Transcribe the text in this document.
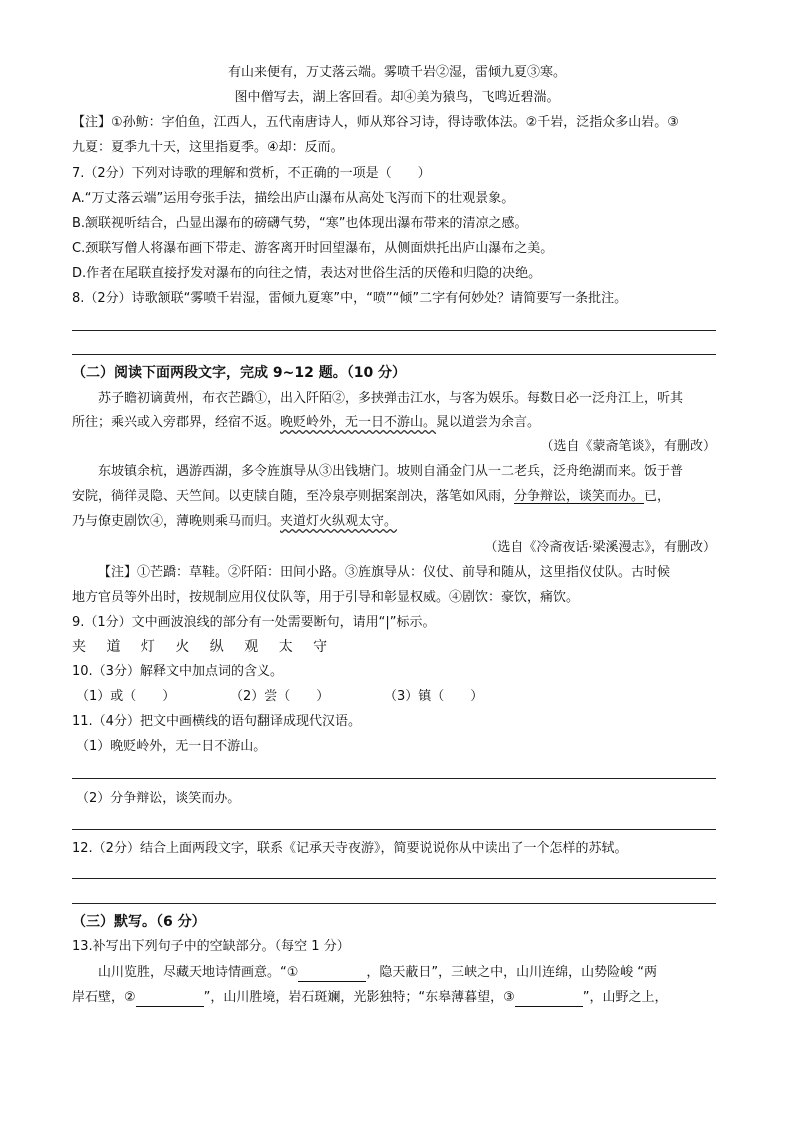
有山来便有，万丈落云端。雾喷千岩②湿，雷倾九夏③寒。
图中僧写去，湖上客回看。却④美为猿鸟，飞鸣近碧湍。
【注】①孙鲂：字伯鱼，江西人，五代南唐诗人，师从郑谷习诗，得诗歌体法。②千岩，泛指众多山岩。③
九夏：夏季九十天，这里指夏季。④却：反而。
7.（2分）下列对诗歌的理解和赏析，不正确的一项是（　　）
A.“万丈落云端”运用夸张手法，描绘出庐山瀑布从高处飞泻而下的壮观景象。
B.颔联视听结合，凸显出瀑布的磅礴气势，“寒”也体现出瀑布带来的清凉之感。
C.颈联写僧人将瀑布画下带走、游客离开时回望瀑布，从侧面烘托出庐山瀑布之美。
D.作者在尾联直接抒发对瀑布的向往之情，表达对世俗生活的厌倦和归隐的决绝。
8.（2分）诗歌颔联“雾喷千岩湿，雷倾九夏寒”中，“喷”“倾”二字有何妙处？请简要写一条批注。
（二）阅读下面两段文字，完成 9~12 题。（10 分）
苏子瞻初谪黄州，布衣芒蹻①，出入阡陌②，多挟弹击江水，与客为娱乐。每数日必一泛舟江上，听其
所往；乘兴或入旁郡界，经宿不返。晚贬岭外，无一日不游山。晁以道尝为余言。
（选自《蒙斋笔谈》，有删改）
东坡镇余杭，遇游西湖，多令旌旗导从③出钱塘门。坡则自涌金门从一二老兵，泛舟绝湖而来。饭于普
安院，徜徉灵隐、天竺间。以吏牍自随，至冷泉亭则据案剖决，落笔如风雨，分争辩讼，谈笑而办。已，
乃与僚吏剧饮④，薄晚则乘马而归。夹道灯火纵观太守。
（选自《冷斋夜话·梁溪漫志》，有删改）
【注】①芒蹻：草鞋。②阡陌：田间小路。③旌旗导从：仪仗、前导和随从，这里指仪仗队。古时候
地方官员等外出时，按规制应用仪仗队等，用于引导和彰显权威。④剧饮：豪饮，痛饮。
9.（1分）文中画波浪线的部分有一处需要断句，请用“|”标示。
夹 道 灯 火 纵 观 太 守
10.（3分）解释文中加点词的含义。
（1）或（　　）	（2）尝（　　）	（3）镇（　　）
11.（4分）把文中画横线的语句翻译成现代汉语。
（1）晚贬岭外，无一日不游山。
（2）分争辩讼，谈笑而办。
12.（2分）结合上面两段文字，联系《记承天寺夜游》，简要说说你从中读出了一个怎样的苏轼。
（三）默写。（6 分）
13.补写出下列句子中的空缺部分。（每空 1 分）
山川览胜，尽藏天地诗情画意。“①	，隐天蔽日”，三峡之中，山川连绵，山势险峻 “两
岸石壁，②	”，山川胜境，岩石斑斓，光影独特；“东皋薄暮望，③	”，山野之上，
